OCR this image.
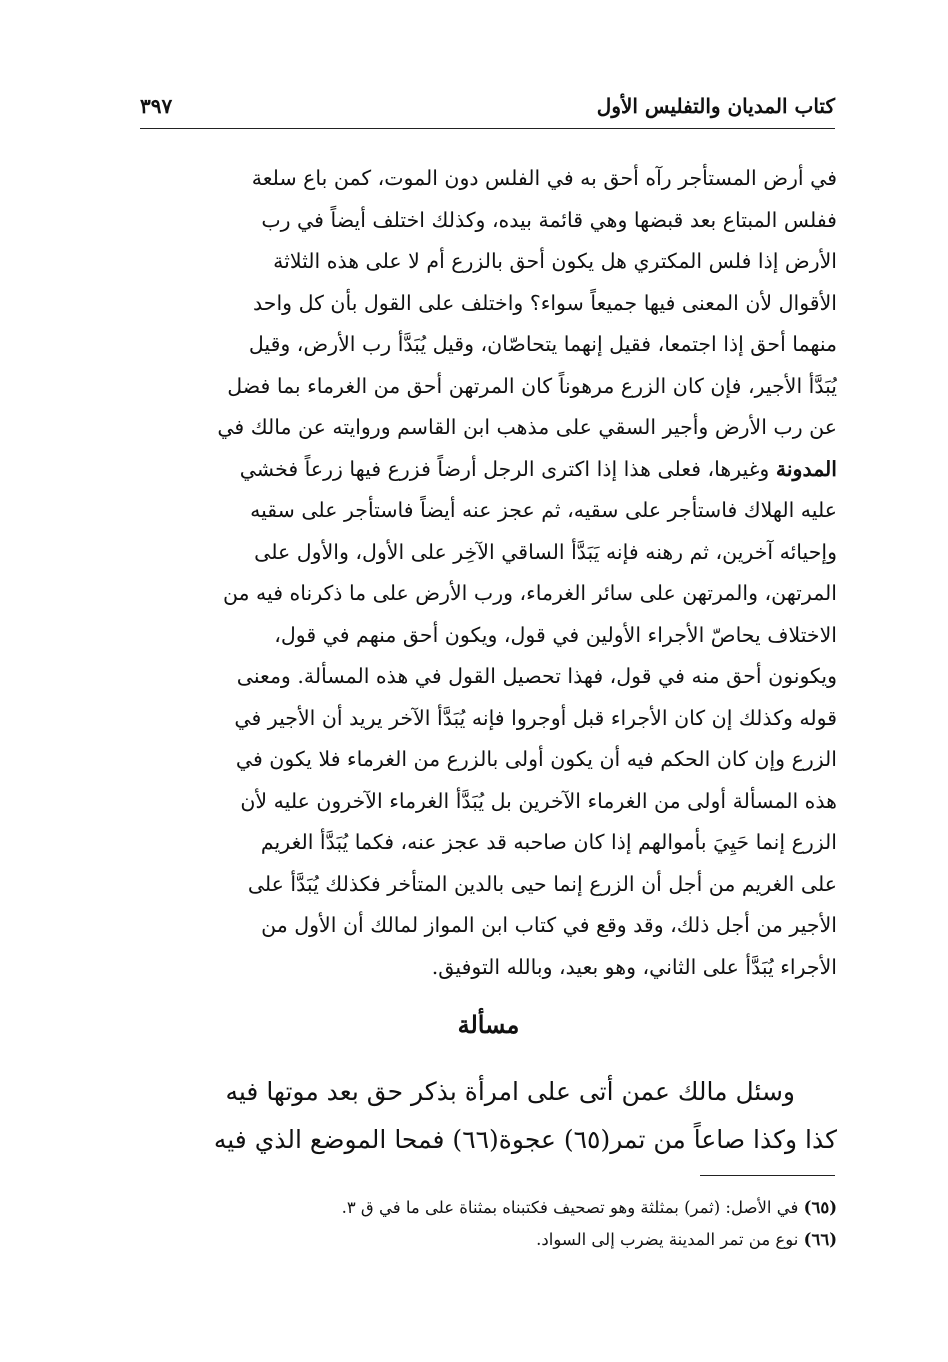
كتاب المديان والتفليس الأول
٣٩٧
في أرض المستأجر رآه أحق به في الفلس دون الموت، كمن باع سلعة
ففلس المبتاع بعد قبضها وهي قائمة بيده، وكذلك اختلف أيضاً في رب
الأرض إذا فلس المكتري هل يكون أحق بالزرع أم لا على هذه الثلاثة
الأقوال لأن المعنى فيها جميعاً سواء؟ واختلف على القول بأن كل واحد
منهما أحق إذا اجتمعا، فقيل إنهما يتحاصّان، وقيل يُبَدَّأ رب الأرض، وقيل
يُبَدَّأ الأجير، فإن كان الزرع مرهوناً كان المرتهن أحق من الغرماء بما فضل
عن رب الأرض وأجير السقي على مذهب ابن القاسم وروايته عن مالك في
المدونة وغيرها، فعلى هذا إذا اكترى الرجل أرضاً فزرع فيها زرعاً فخشي
عليه الهلاك فاستأجر على سقيه، ثم عجز عنه أيضاً فاستأجر على سقيه
وإحيائه آخرين، ثم رهنه فإنه يَبَدَّأ الساقي الآخِر على الأول، والأول على
المرتهن، والمرتهن على سائر الغرماء، ورب الأرض على ما ذكرناه فيه من
الاختلاف يحاصّ الأجراء الأولين في قول، ويكون أحق منهم في قول،
ويكونون أحق منه في قول، فهذا تحصيل القول في هذه المسألة. ومعنى
قوله وكذلك إن كان الأجراء قبل أوجروا فإنه يُبَدَّأ الآخر يريد أن الأجير في
الزرع وإن كان الحكم فيه أن يكون أولى بالزرع من الغرماء فلا يكون في
هذه المسألة أولى من الغرماء الآخرين بل يُبَدَّأ الغرماء الآخرون عليه لأن
الزرع إنما حَيِيَ بأموالهم إذا كان صاحبه قد عجز عنه، فكما يُبَدَّأ الغريم
على الغريم من أجل أن الزرع إنما حيى بالدين المتأخر فكذلك يُبَدَّأ على
الأجير من أجل ذلك، وقد وقع في كتاب ابن المواز لمالك أن الأول من
الأجراء يُبَدَّأ على الثاني، وهو بعيد، وبالله التوفيق.
مسألة
وسئل مالك عمن أتى على امرأة بذكر حق بعد موتها فيه
كذا وكذا صاعاً من تمر(٦٥) عجوة(٦٦) فمحا الموضع الذي فيه
(٦٥) في الأصل: (ثمر) بمثلثة وهو تصحيف فكتبناه بمثناة على ما في ق ٣.
(٦٦) نوع من تمر المدينة يضرب إلى السواد.
